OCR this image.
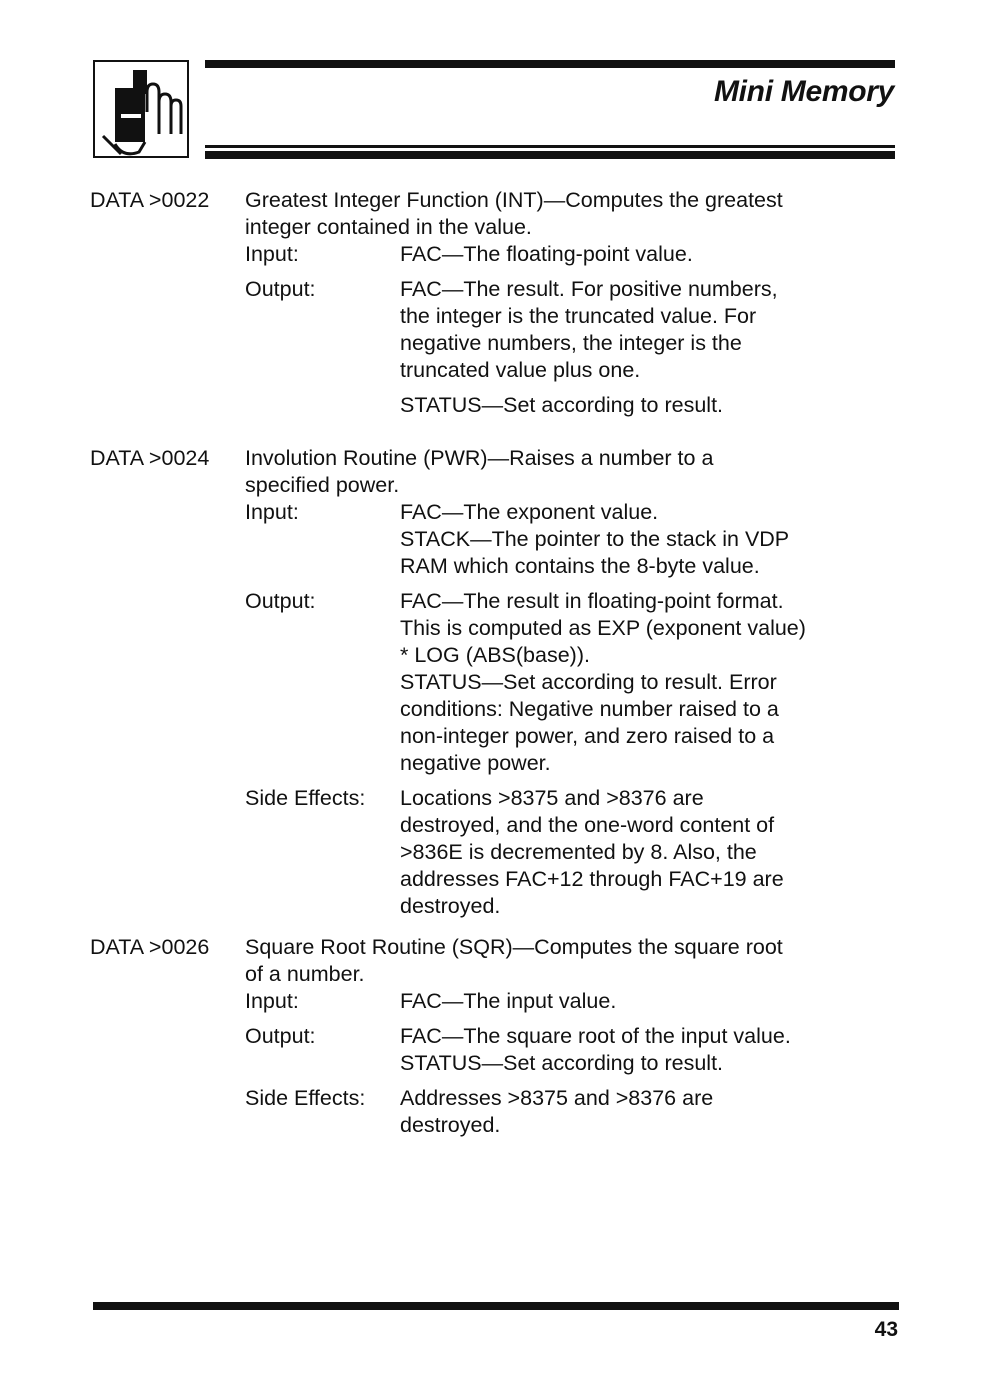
Mini Memory
DATA >0022 Greatest Integer Function (INT)—Computes the greatest
integer contained in the value.
Input:	FAC—The floating-point value.
Output:	FAC—The result. For positive numbers,
the integer is the truncated value. For
negative numbers, the integer is the
truncated value plus one.
STATUS—Set according to result.
DATA >0024 Involution Routine (PWR)—Raises a number to a
specified power.
Input:	FAC—The exponent value.
STACK—The pointer to the stack in VDP
RAM which contains the 8-byte value.
Output:	FAC—The result in floating-point format.
This is computed as EXP (exponent value)
* LOG (ABS(base)).
STATUS—Set according to result. Error
conditions: Negative number raised to a
non-integer power, and zero raised to a
negative power.
Side Effects: Locations >8375 and >8376 are
destroyed, and the one-word content of
>836E is decremented by 8. Also, the
addresses FAC+12 through FAC+19 are
destroyed.
DATA >0026 Square Root Routine (SQR)—Computes the square root
of a number.
Input:	FAC—The input value.
Output:	FAC—The square root of the input value.
STATUS—Set according to result.
Side Effects: Addresses >8375 and >8376 are
destroyed.
43
